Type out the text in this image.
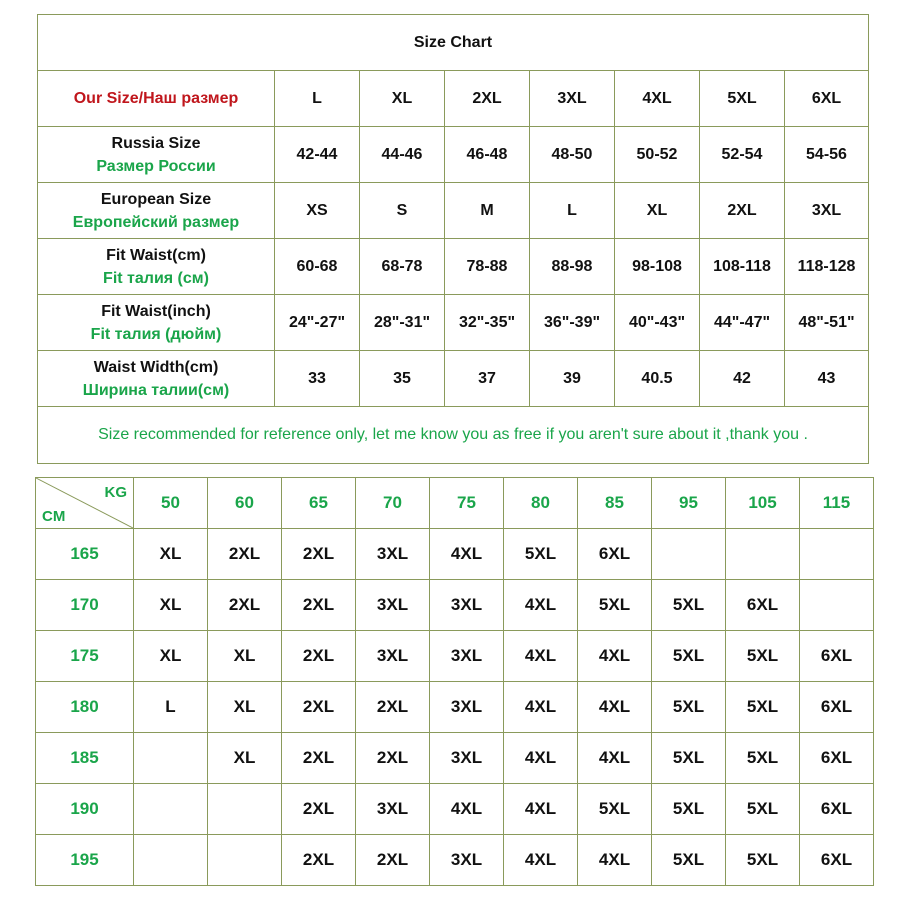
Size Chart							
Our Size/Наш размер	L	XL	2XL	3XL	4XL	5XL	6XL

Russia Size
Размер России	42-44	44-46	46-48	48-50	50-52	52-54	54-56

European Size
Европейский размер	XS	S	M	L	XL	2XL	3XL

Fit Waist(cm)
Fit талия (см)	60-68	68-78	78-88	88-98	98-108	108-118	118-128

Fit Waist(inch)
Fit талия (дюйм)	24"-27"	28"-31"	32"-35"	36"-39"	40"-43"	44"-47"	48"-51"

Waist Width(cm)
Ширина талии(см)	33	35	37	39	40.5	42	43
Size recommended for reference only, let me know you as free if you aren't sure about it ,thank you .							
KG
CM	50	60	65	70	75	80	85	95	105	115
165	XL	2XL	2XL	3XL	4XL	5XL	6XL			
170	XL	2XL	2XL	3XL	3XL	4XL	5XL	5XL	6XL	
175	XL	XL	2XL	3XL	3XL	4XL	4XL	5XL	5XL	6XL
180	L	XL	2XL	2XL	3XL	4XL	4XL	5XL	5XL	6XL
185		XL	2XL	2XL	3XL	4XL	4XL	5XL	5XL	6XL
190			2XL	3XL	4XL	4XL	5XL	5XL	5XL	6XL
195			2XL	2XL	3XL	4XL	4XL	5XL	5XL	6XL
